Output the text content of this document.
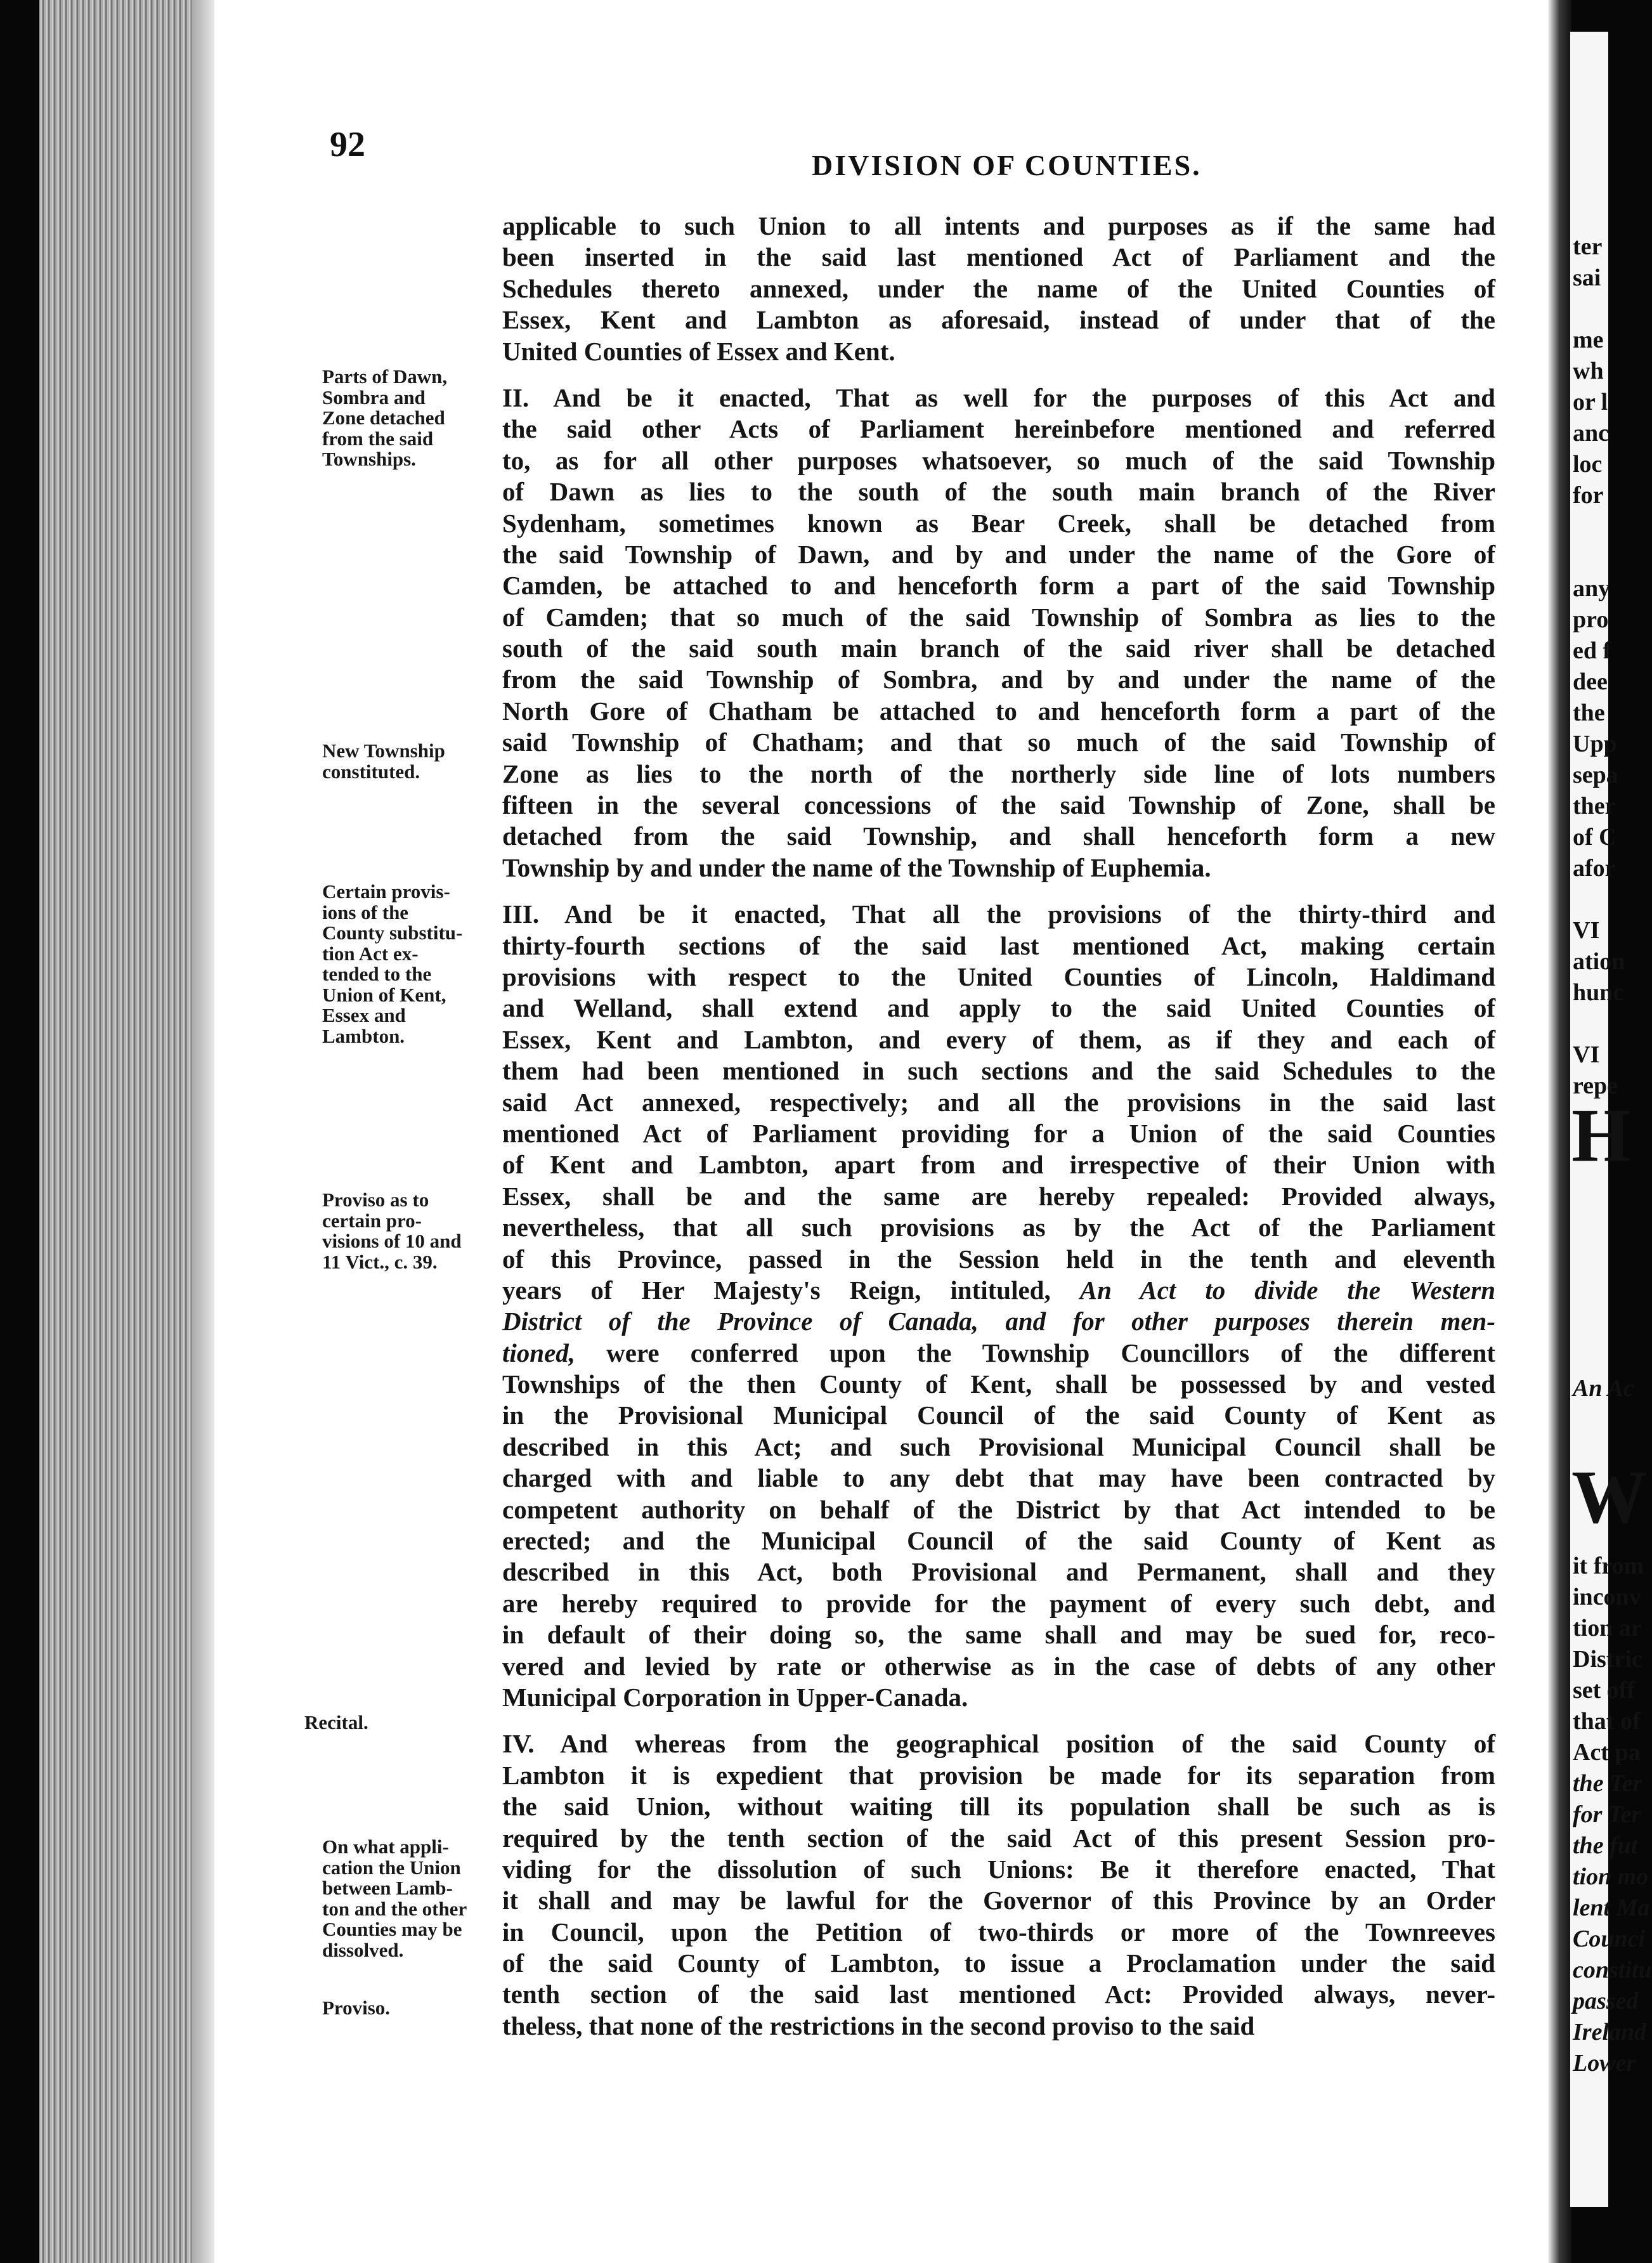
ter
sai
me
wh
or l
anc
loc
for
any
pro
ed f
dee
the
Upp
sepa
ther
of C
afor
VI
ation
hunc
VI
repe
H
An Ac
W
it from
inconv
tion ar
Distric
set off
that of
Act pa
the Ter
for Ter
the fut
tion mo
lent Ma
Counci
constitu
passed
Ireland
Lower
92
DIVISION OF COUNTIES.
Parts of Dawn,
Sombra and
Zone detached
from the said
Townships.
New Township
constituted.
Certain provis-
ions of the
County substitu-
tion Act ex-
tended to the
Union of Kent,
Essex and
Lambton.
Proviso as to
certain pro-
visions of 10 and
11 Vict., c. 39.
Recital.
On what appli-
cation the Union
between Lamb-
ton and the other
Counties may be
dissolved.
Proviso.
applicable to such Union to all intents and purposes as if the same had
been inserted in the said last mentioned Act of Parliament and the
Schedules thereto annexed, under the name of the United Counties of
Essex, Kent and Lambton as aforesaid, instead of under that of the
United Counties of Essex and Kent.
II. And be it enacted, That as well for the purposes of this Act and
the said other Acts of Parliament hereinbefore mentioned and referred
to, as for all other purposes whatsoever, so much of the said Township
of Dawn as lies to the south of the south main branch of the River
Sydenham, sometimes known as Bear Creek, shall be detached from
the said Township of Dawn, and by and under the name of the Gore of
Camden, be attached to and henceforth form a part of the said Township
of Camden; that so much of the said Township of Sombra as lies to the
south of the said south main branch of the said river shall be detached
from the said Township of Sombra, and by and under the name of the
North Gore of Chatham be attached to and henceforth form a part of the
said Township of Chatham; and that so much of the said Township of
Zone as lies to the north of the northerly side line of lots numbers
fifteen in the several concessions of the said Township of Zone, shall be
detached from the said Township, and shall henceforth form a new
Township by and under the name of the Township of Euphemia.
III. And be it enacted, That all the provisions of the thirty-third and
thirty-fourth sections of the said last mentioned Act, making certain
provisions with respect to the United Counties of Lincoln, Haldimand
and Welland, shall extend and apply to the said United Counties of
Essex, Kent and Lambton, and every of them, as if they and each of
them had been mentioned in such sections and the said Schedules to the
said Act annexed, respectively; and all the provisions in the said last
mentioned Act of Parliament providing for a Union of the said Counties
of Kent and Lambton, apart from and irrespective of their Union with
Essex, shall be and the same are hereby repealed: Provided always,
nevertheless, that all such provisions as by the Act of the Parliament
of this Province, passed in the Session held in the tenth and eleventh
years of Her Majesty's Reign, intituled, An Act to divide the Western
District of the Province of Canada, and for other purposes therein men-
tioned, were conferred upon the Township Councillors of the different
Townships of the then County of Kent, shall be possessed by and vested
in the Provisional Municipal Council of the said County of Kent as
described in this Act; and such Provisional Municipal Council shall be
charged with and liable to any debt that may have been contracted by
competent authority on behalf of the District by that Act intended to be
erected; and the Municipal Council of the said County of Kent as
described in this Act, both Provisional and Permanent, shall and they
are hereby required to provide for the payment of every such debt, and
in default of their doing so, the same shall and may be sued for, reco-
vered and levied by rate or otherwise as in the case of debts of any other
Municipal Corporation in Upper-Canada.
IV. And whereas from the geographical position of the said County of
Lambton it is expedient that provision be made for its separation from
the said Union, without waiting till its population shall be such as is
required by the tenth section of the said Act of this present Session pro-
viding for the dissolution of such Unions: Be it therefore enacted, That
it shall and may be lawful for the Governor of this Province by an Order
in Council, upon the Petition of two-thirds or more of the Townreeves
of the said County of Lambton, to issue a Proclamation under the said
tenth section of the said last mentioned Act: Provided always, never-
theless, that none of the restrictions in the second proviso to the said
